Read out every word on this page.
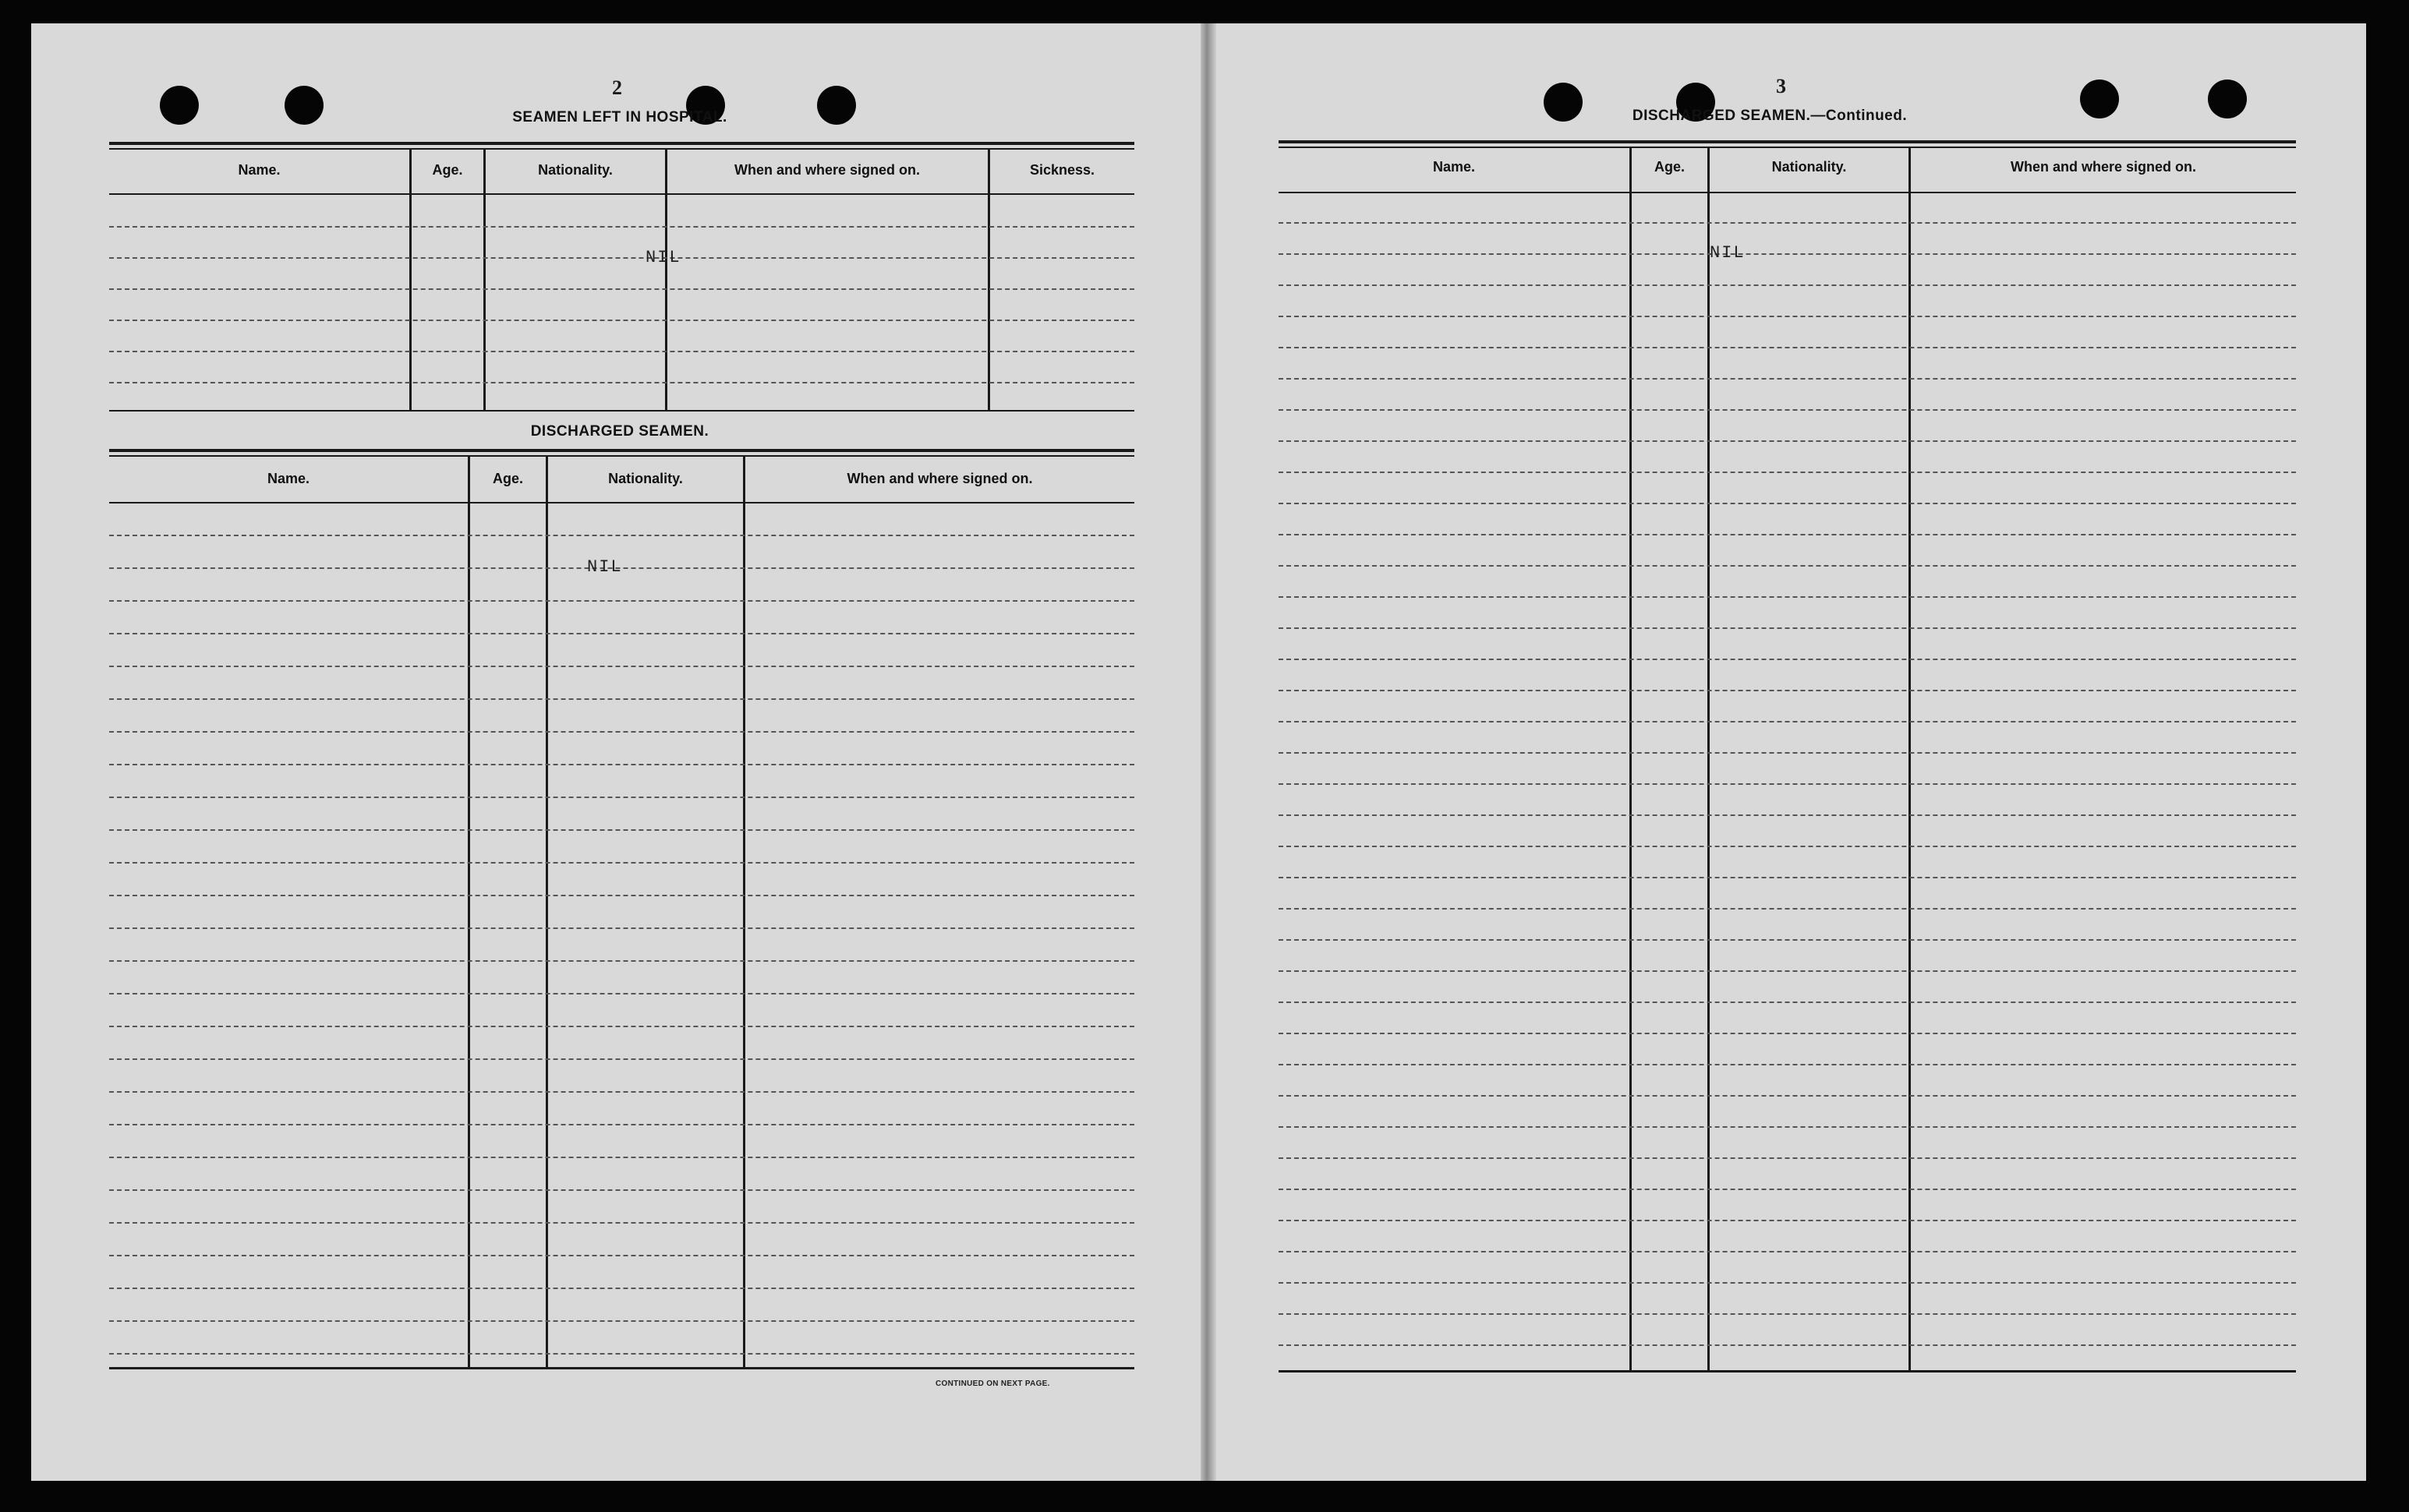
2
SEAMEN LEFT IN HOSPITAL.
Name.	Age.	Nationality.	When and where signed on.	Sickness.
NIL
DISCHARGED SEAMEN.
Name.	Age.	Nationality.	When and where signed on.
NIL
CONTINUED ON NEXT PAGE.
3
DISCHARGED SEAMEN.—Continued.
Name.	Age.	Nationality.	When and where signed on.
NIL
